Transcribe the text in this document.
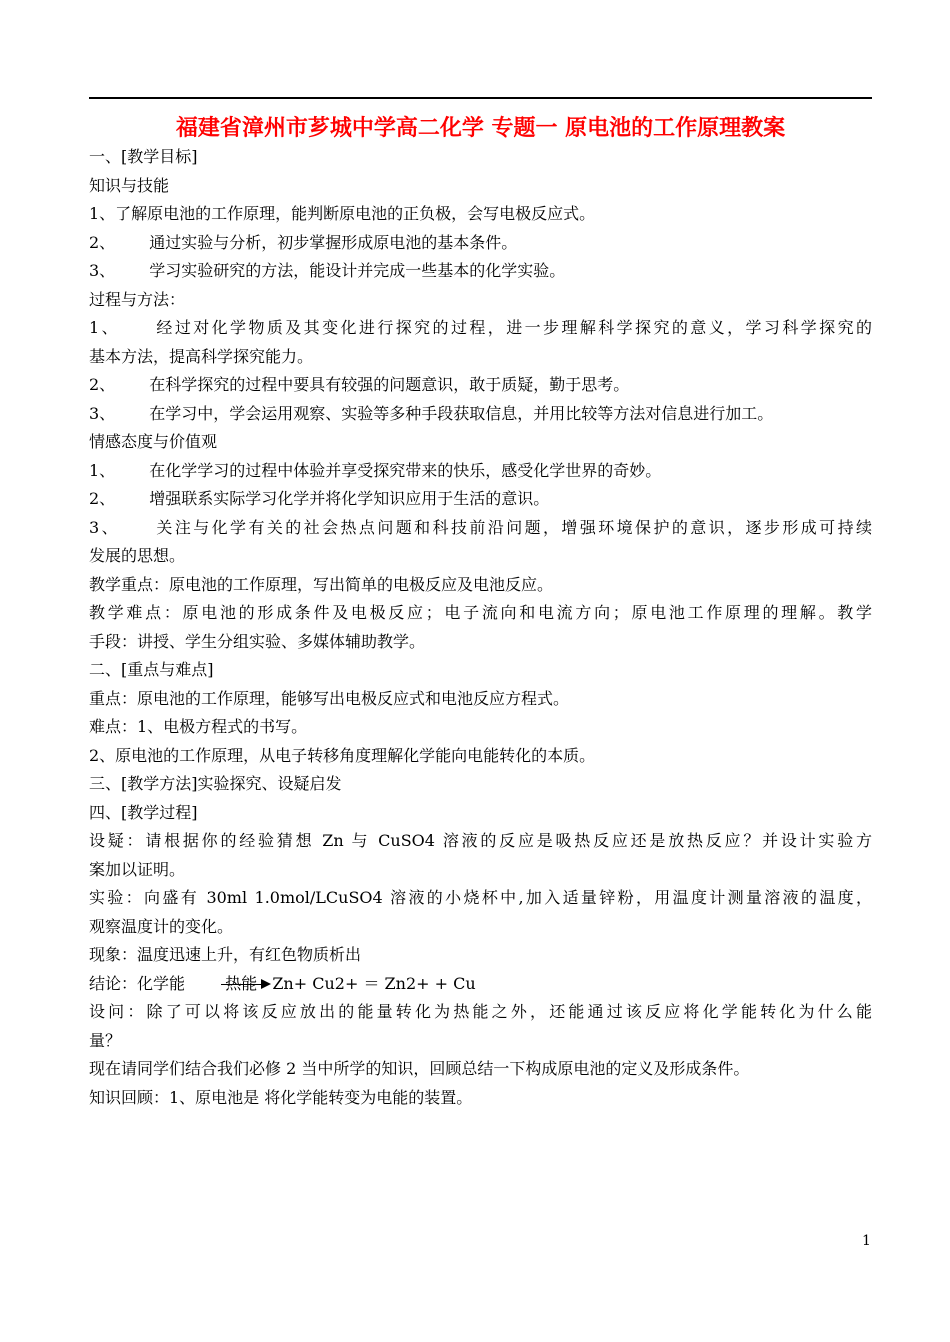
福建省漳州市芗城中学高二化学 专题一 原电池的工作原理教案
一、[教学目标]
知识与技能
1、了解原电池的工作原理，能判断原电池的正负极，会写电极反应式。
2、 通过实验与分析，初步掌握形成原电池的基本条件。
3、 学习实验研究的方法，能设计并完成一些基本的化学实验。
过程与方法：
1、 经过对化学物质及其变化进行探究的过程，进一步理解科学探究的意义，学习科学探究的
基本方法，提高科学探究能力。
2、 在科学探究的过程中要具有较强的问题意识，敢于质疑，勤于思考。
3、 在学习中，学会运用观察、实验等多种手段获取信息，并用比较等方法对信息进行加工。
情感态度与价值观
1、 在化学学习的过程中体验并享受探究带来的快乐，感受化学世界的奇妙。
2、 增强联系实际学习化学并将化学知识应用于生活的意识。
3、 关注与化学有关的社会热点问题和科技前沿问题，增强环境保护的意识，逐步形成可持续
发展的思想。
教学重点：原电池的工作原理，写出简单的电极反应及电池反应。
教学难点：原电池的形成条件及电极反应；电子流向和电流方向；原电池工作原理的理解。教学
手段：讲授、学生分组实验、多媒体辅助教学。
二、[重点与难点]
重点：原电池的工作原理，能够写出电极反应式和电池反应方程式。
难点：1、电极方程式的书写。
2、原电池的工作原理，从电子转移角度理解化学能向电能转化的本质。
三、[教学方法]实验探究、设疑启发
四、[教学过程]
设疑：请根据你的经验猜想 Zn 与 CuSO4 溶液的反应是吸热反应还是放热反应？并设计实验方
案加以证明。
实验：向盛有 30ml 1.0mol/LCuSO4 溶液的小烧杯中,加入适量锌粉，用温度计测量溶液的温度，
观察温度计的变化。
现象：温度迅速上升，有红色物质析出
结论：化学能	热能 Zn+ Cu2+ ＝ Zn2+ + Cu
设问：除了可以将该反应放出的能量转化为热能之外，还能通过该反应将化学能转化为什么能
量？
现在请同学们结合我们必修 2 当中所学的知识，回顾总结一下构成原电池的定义及形成条件。
知识回顾：1、原电池是 将化学能转变为电能的装置。
1
